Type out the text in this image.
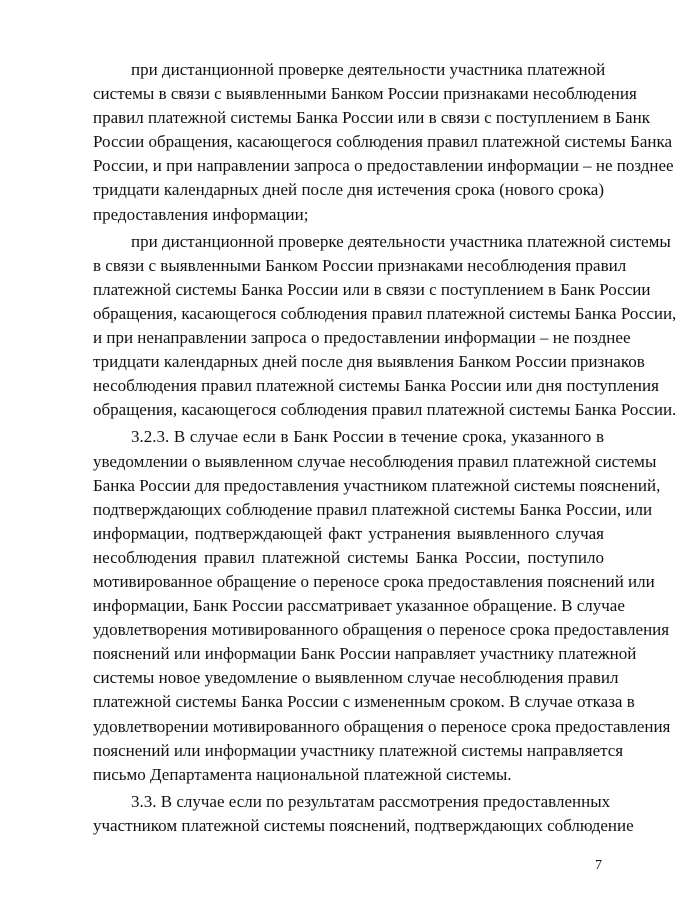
при дистанционной проверке деятельности участника платежной
системы в связи с выявленными Банком России признаками несоблюдения
правил платежной системы Банка России или в связи с поступлением в Банк
России обращения, касающегося соблюдения правил платежной системы Банка
России, и при направлении запроса о предоставлении информации – не позднее
тридцати календарных дней после дня истечения срока (нового срока)
предоставления информации;

при дистанционной проверке деятельности участника платежной системы
в связи с выявленными Банком России признаками несоблюдения правил
платежной системы Банка России или в связи с поступлением в Банк России
обращения, касающегося соблюдения правил платежной системы Банка России,
и при ненаправлении запроса о предоставлении информации – не позднее
тридцати календарных дней после дня выявления Банком России признаков
несоблюдения правил платежной системы Банка России или дня поступления
обращения, касающегося соблюдения правил платежной системы Банка России.

3.2.3. В случае если в Банк России в течение срока, указанного в
уведомлении о выявленном случае несоблюдения правил платежной системы
Банка России для предоставления участником платежной системы пояснений,
подтверждающих соблюдение правил платежной системы Банка России, или
информации, подтверждающей факт устранения выявленного случая
несоблюдения правил платежной системы Банка России, поступило
мотивированное обращение о переносе срока предоставления пояснений или
информации, Банк России рассматривает указанное обращение. В случае
удовлетворения мотивированного обращения о переносе срока предоставления
пояснений или информации Банк России направляет участнику платежной
системы новое уведомление о выявленном случае несоблюдения правил
платежной системы Банка России с измененным сроком. В случае отказа в
удовлетворении мотивированного обращения о переносе срока предоставления
пояснений или информации участнику платежной системы направляется
письмо Департамента национальной платежной системы.

3.3. В случае если по результатам рассмотрения предоставленных
участником платежной системы пояснений, подтверждающих соблюдение

7
